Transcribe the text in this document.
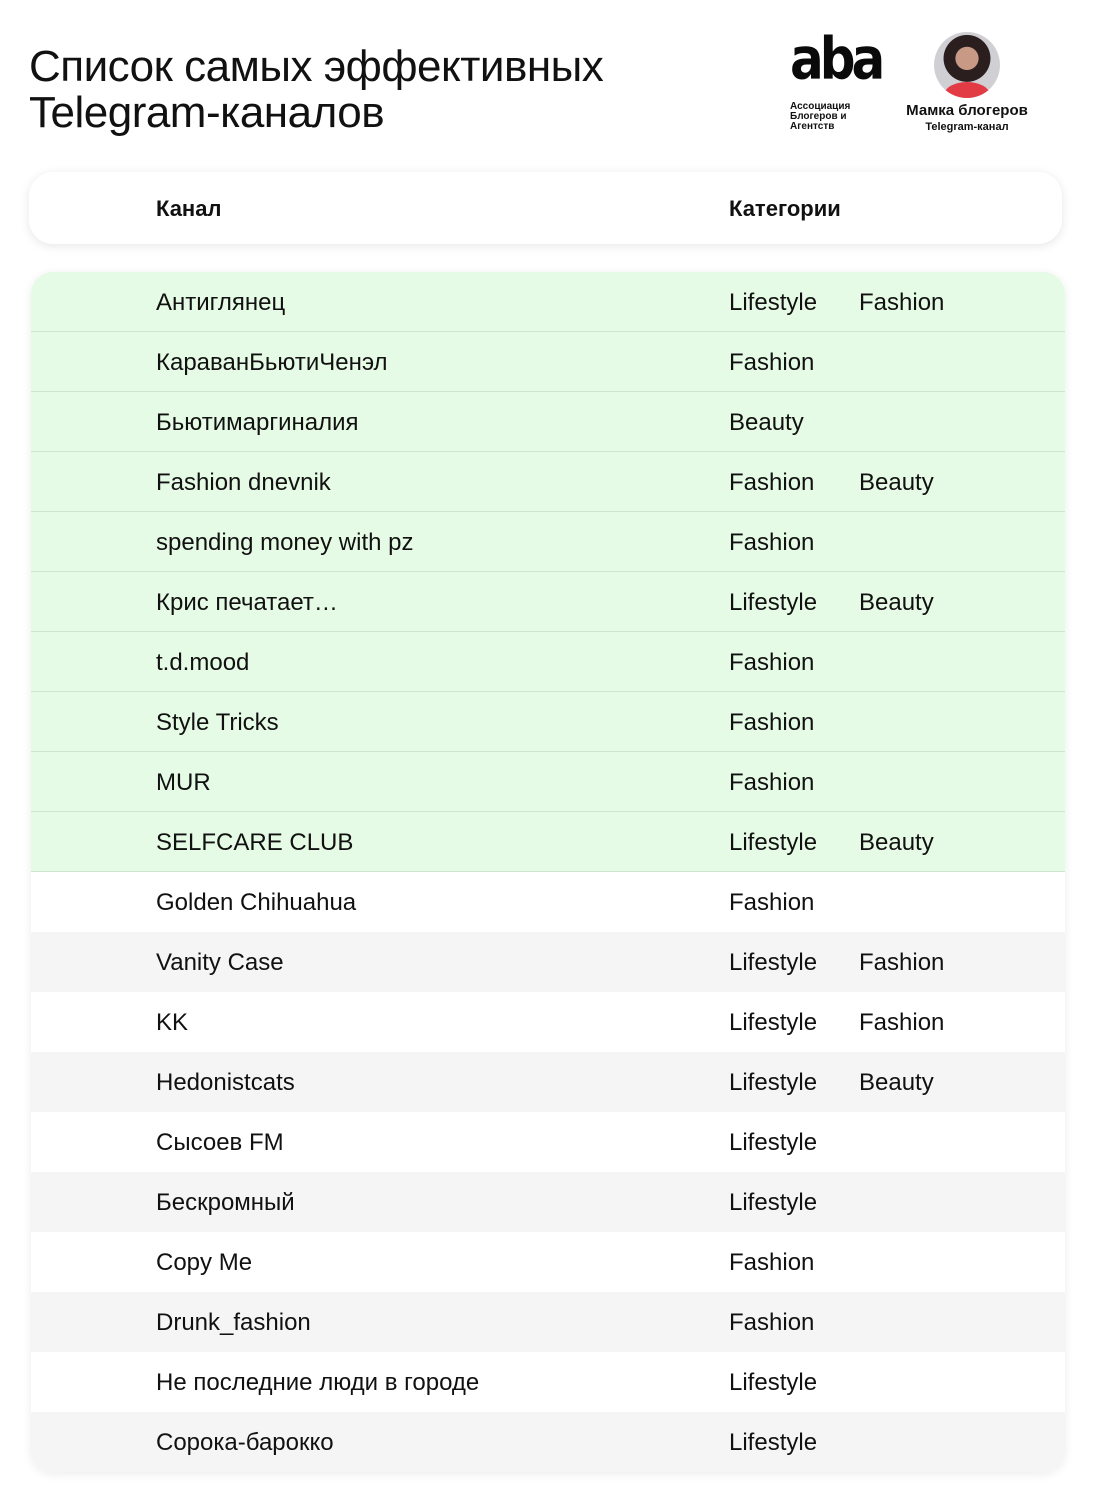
Список самых эффективных
Telegram-каналов
aba
Ассоциация
Блогеров и
Агентств
Мамка блогеров
Telegram-канал
Канал	Категории
Антиглянец	Lifestyle Fashion
КараванБьютиЧенэл	Fashion
Бьютимаргиналия	Beauty
Fashion dnevnik	Fashion Beauty
spending money with pz	Fashion
Крис печатает…	Lifestyle Beauty
t.d.mood	Fashion
Style Tricks	Fashion
MUR	Fashion
SELFCARE CLUB	Lifestyle Beauty
Golden Chihuahua	Fashion
Vanity Case	Lifestyle Fashion
KK	Lifestyle Fashion
Hedonistcats	Lifestyle Beauty
Сысоев FM	Lifestyle
Бескромный	Lifestyle
Copy Me	Fashion
Drunk_fashion	Fashion
Не последние люди в городе	Lifestyle
Сорока-барокко	Lifestyle
